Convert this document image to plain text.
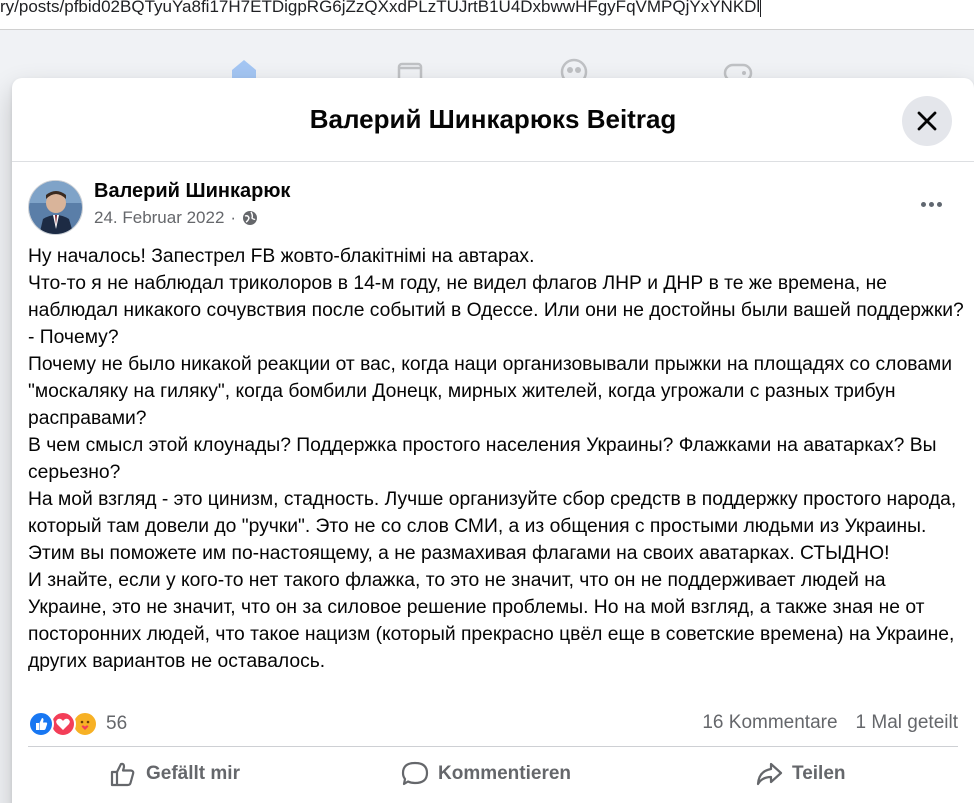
ry/posts/pfbid02BQTyuYa8fi17H7ETDigpRG6jZzQXxdPLzTUJrtB1U4DxbwwHFgyFqVMPQjYxYNKDl
Валерий Шинкарюкs Beitrag
Валерий Шинкарюк
24. Februar 2022 ·

Ну началось! Запестрел FB жовто-блакітнімі на автарах.

Что-то я не наблюдал триколоров в 14-м году, не видел флагов ЛНР и ДНР в те же времена, не наблюдал никакого сочувствия после событий в Одессе. Или они не достойны были вашей поддержки? - Почему?

Почему не было никакой реакции от вас, когда наци организовывали прыжки на площадях со словами "москаляку на гиляку", когда бомбили Донецк, мирных жителей, когда угрожали с разных трибун расправами?

В чем смысл этой клоунады? Поддержка простого населения Украины? Флажками на аватарках? Вы серьезно?

На мой взгляд - это цинизм, стадность. Лучше организуйте сбор средств в поддержку простого народа, который там довели до "ручки". Это не со слов СМИ, а из общения с простыми людьми из Украины. Этим вы поможете им по-настоящему, а не размахивая флагами на своих аватарках. СТЫДНО!

И знайте, если у кого-то нет такого флажка, то это не значит, что он не поддерживает людей на Украине, это не значит, что он за силовое решение проблемы. Но на мой взгляд, а также зная не от посторонних людей, что такое нацизм (который прекрасно цвёл еще в советские времена) на Украине, других вариантов не оставалось.

56	16 Kommentare 1 Mal geteilt
Gefällt mir	Kommentieren	Teilen
